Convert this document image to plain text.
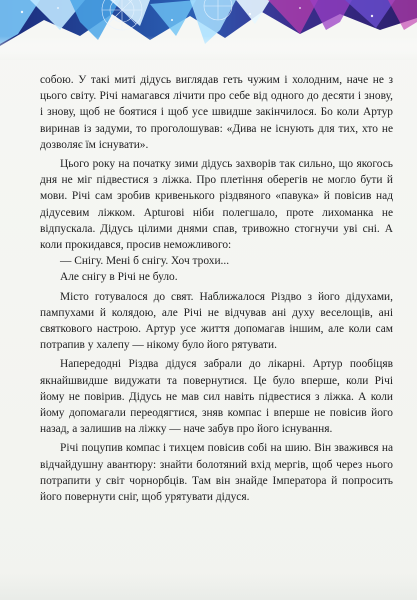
собою. У такі миті дідусь виглядав геть чужим і холодним, наче не з цього світу. Річі намагався лічити про себе від одного до десяти і знову, і знову, щоб не боятися і щоб усе швидше закінчилося. Бо коли Артур виринав із задуми, то проголошував: «Дива не існують для тих, хто не дозволяє їм існувати».

Цього року на початку зими дідусь захворів так сильно, що якогось дня не міг підвестися з ліжка. Про плетіння оберегів не могло бути й мови. Річі сам зробив кривенького різдвяного «павука» й повісив над дідусевим ліжком. Арturові ніби полегшало, проте лихоманка не відпускала. Дідусь цілими днями спав, тривожно стогнучи уві сні. А коли прокидався, просив неможливого:

— Снігу. Мені б снігу. Хоч трохи...

Але снігу в Річі не було.

Місто готувалося до свят. Наближалося Різдво з його дідухами, пампухами й колядою, але Річі не відчував ані духу веселощів, ані святкового настрою. Артур усе життя допомагав іншим, але коли сам потрапив у халепу — нікому було його рятувати.

Напередодні Різдва дідуся забрали до лікарні. Артур пообіцяв якнайшвидше видужати та повернутися. Це було вперше, коли Річі йому не повірив. Дідусь не мав сил навіть підвестися з ліжка. А коли йому допомагали переодягтися, зняв компас і вперше не повісив його назад, а залишив на ліжку — наче забув про його існування.

Річі поцупив компас і тихцем повісив собі на шию. Він зважився на відчайдушну авантюру: знайти болотяний вхід мергів, щоб через нього потрапити у світ чорнорбців. Там він знайде Імператора й попросить його повернути сніг, щоб урятувати дідуся.
